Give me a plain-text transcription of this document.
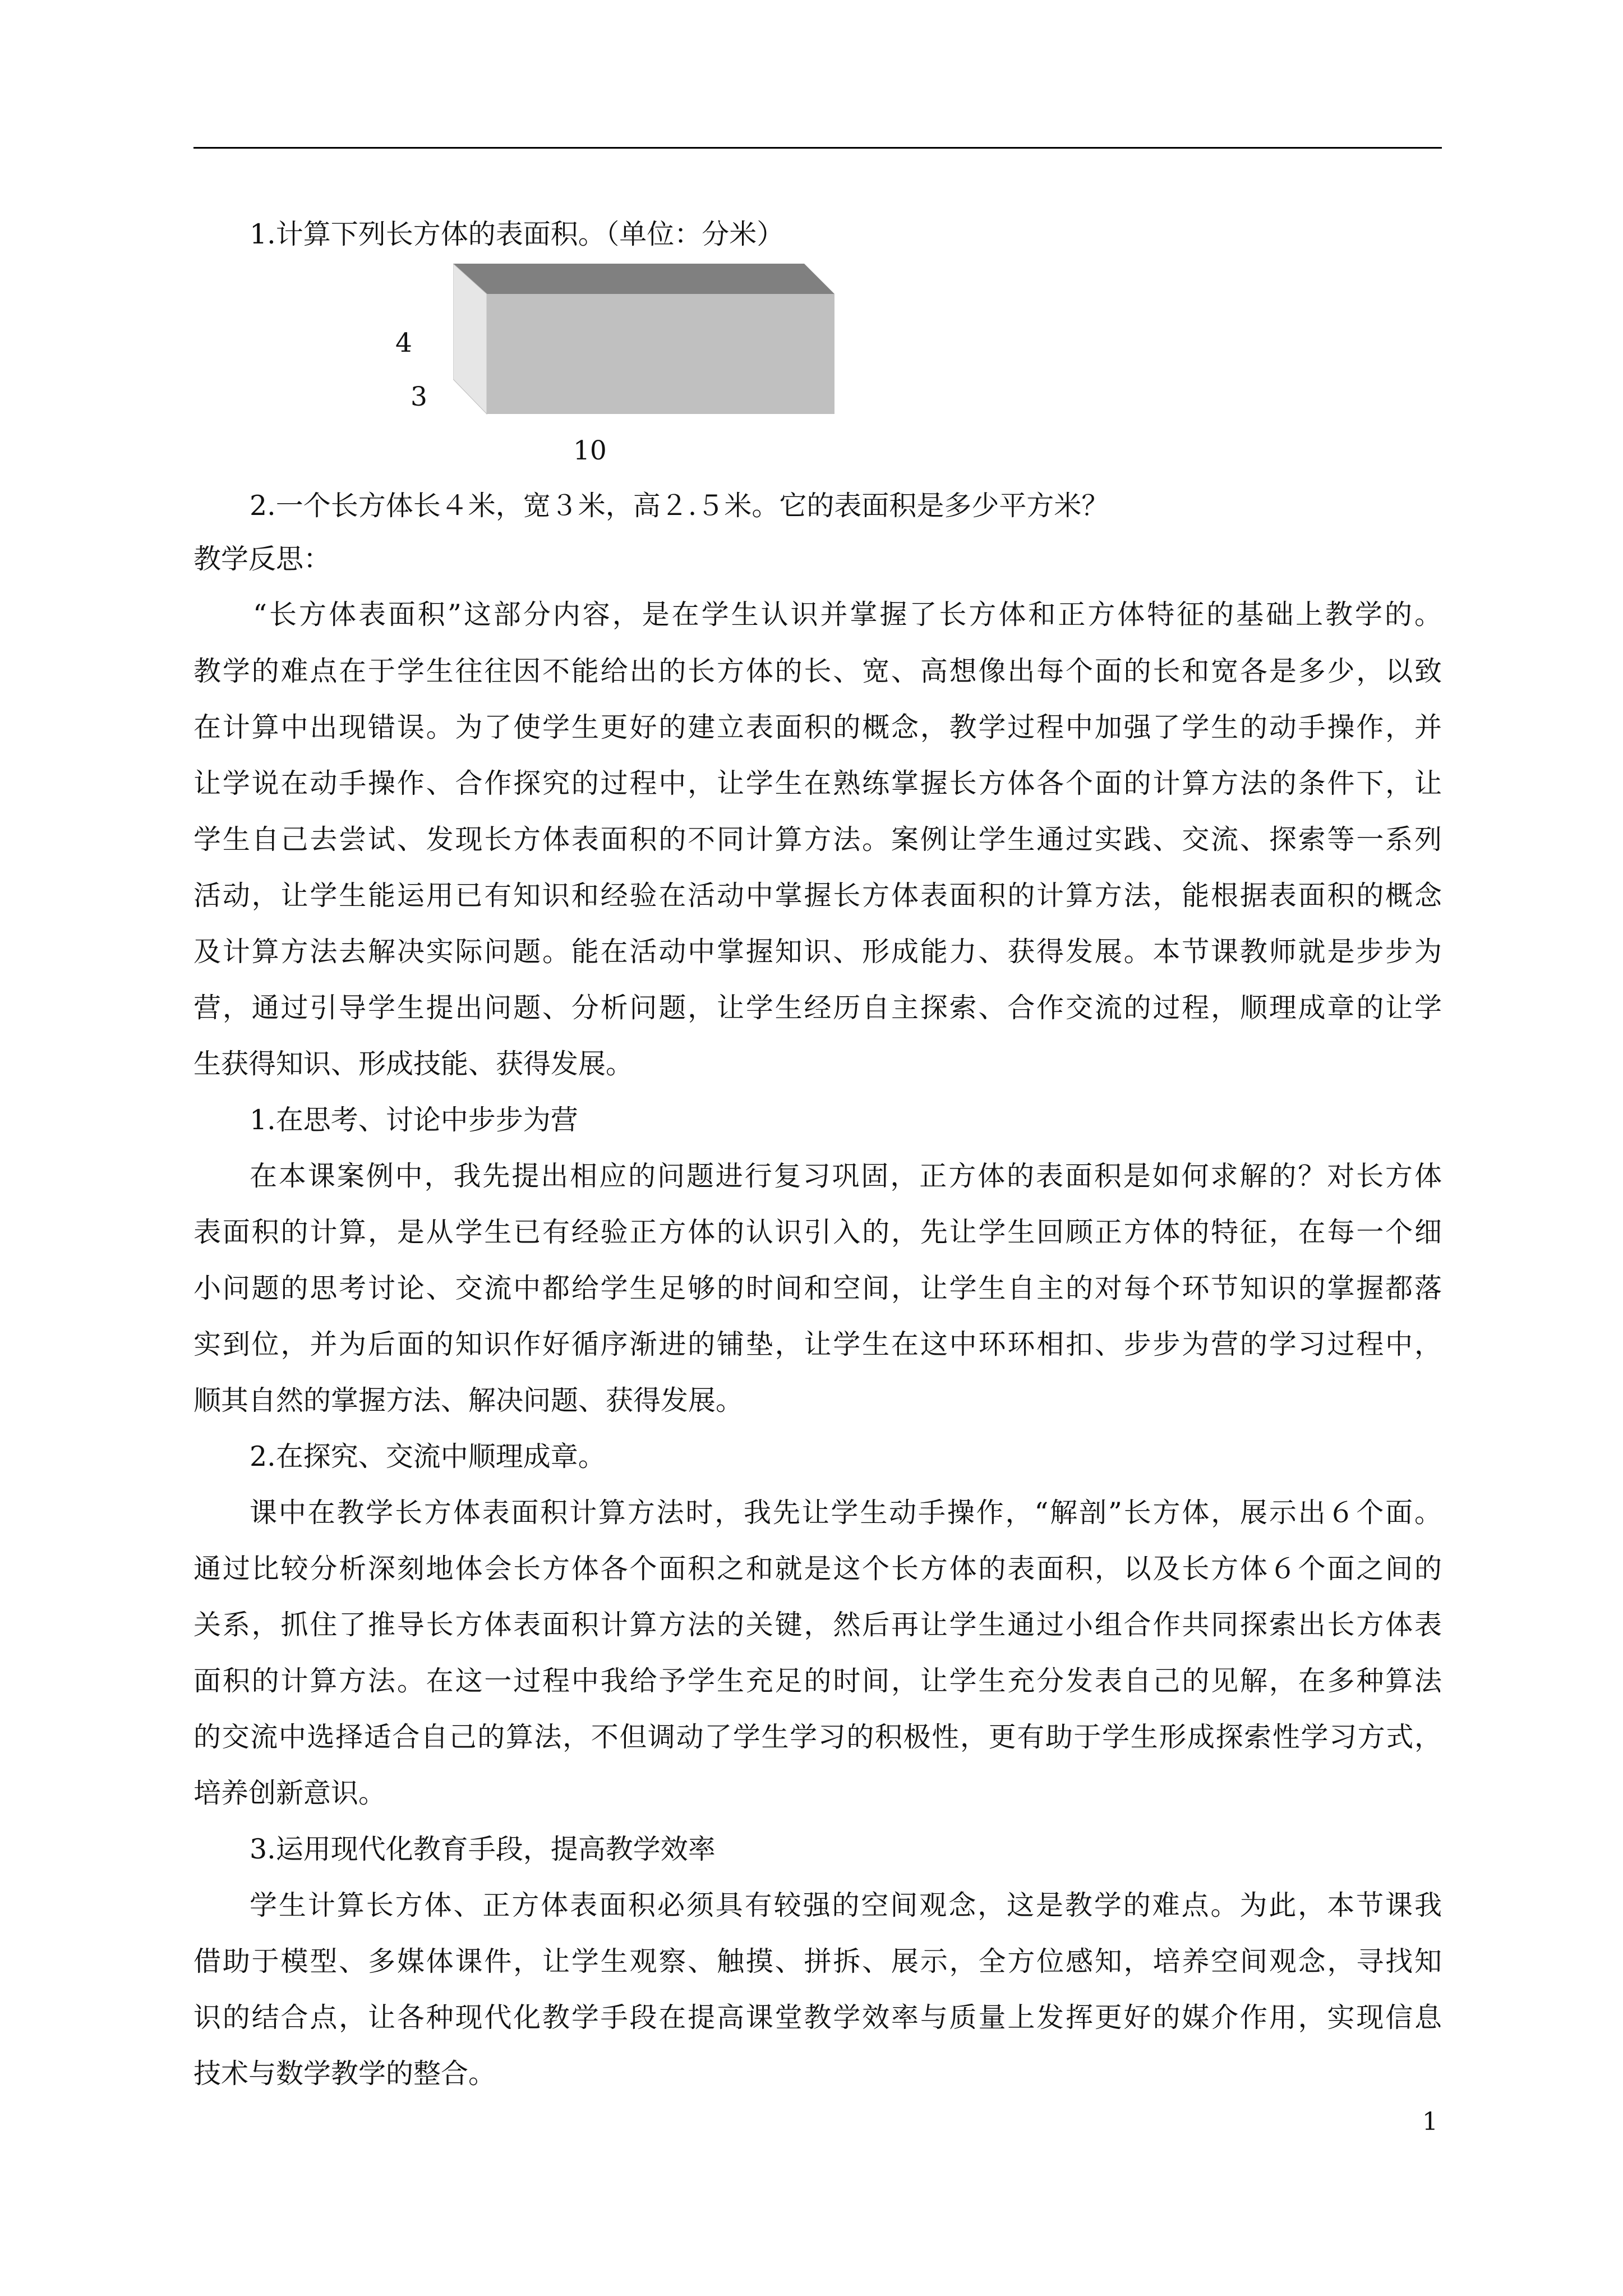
1.计算下列长方体的表面积。（单位：分米）

4

3

10

2.一个长方体长４米，宽３米，高２.５米。它的表面积是多少平方米？

教学反思：

“长方体表面积”这部分内容，是在学生认识并掌握了长方体和正方体特征的基础上教学的。

教学的难点在于学生往往因不能给出的长方体的长、宽、高想像出每个面的长和宽各是多少，以致

在计算中出现错误。为了使学生更好的建立表面积的概念，教学过程中加强了学生的动手操作，并

让学说在动手操作、合作探究的过程中，让学生在熟练掌握长方体各个面的计算方法的条件下，让

学生自己去尝试、发现长方体表面积的不同计算方法。案例让学生通过实践、交流、探索等一系列

活动，让学生能运用已有知识和经验在活动中掌握长方体表面积的计算方法，能根据表面积的概念

及计算方法去解决实际问题。能在活动中掌握知识、形成能力、获得发展。本节课教师就是步步为

营，通过引导学生提出问题、分析问题，让学生经历自主探索、合作交流的过程，顺理成章的让学

生获得知识、形成技能、获得发展。

1.在思考、讨论中步步为营

在本课案例中，我先提出相应的问题进行复习巩固，正方体的表面积是如何求解的？对长方体

表面积的计算，是从学生已有经验正方体的认识引入的，先让学生回顾正方体的特征，在每一个细

小问题的思考讨论、交流中都给学生足够的时间和空间，让学生自主的对每个环节知识的掌握都落

实到位，并为后面的知识作好循序渐进的铺垫，让学生在这中环环相扣、步步为营的学习过程中，

顺其自然的掌握方法、解决问题、获得发展。

2.在探究、交流中顺理成章。

课中在教学长方体表面积计算方法时，我先让学生动手操作，“解剖”长方体，展示出６个面。

通过比较分析深刻地体会长方体各个面积之和就是这个长方体的表面积，以及长方体６个面之间的

关系，抓住了推导长方体表面积计算方法的关键，然后再让学生通过小组合作共同探索出长方体表

面积的计算方法。在这一过程中我给予学生充足的时间，让学生充分发表自己的见解，在多种算法

的交流中选择适合自己的算法，不但调动了学生学习的积极性，更有助于学生形成探索性学习方式，

培养创新意识。

3.运用现代化教育手段，提高教学效率

学生计算长方体、正方体表面积必须具有较强的空间观念，这是教学的难点。为此，本节课我

借助于模型、多媒体课件，让学生观察、触摸、拼拆、展示，全方位感知，培养空间观念，寻找知

识的结合点，让各种现代化教学手段在提高课堂教学效率与质量上发挥更好的媒介作用，实现信息

技术与数学教学的整合。

1
